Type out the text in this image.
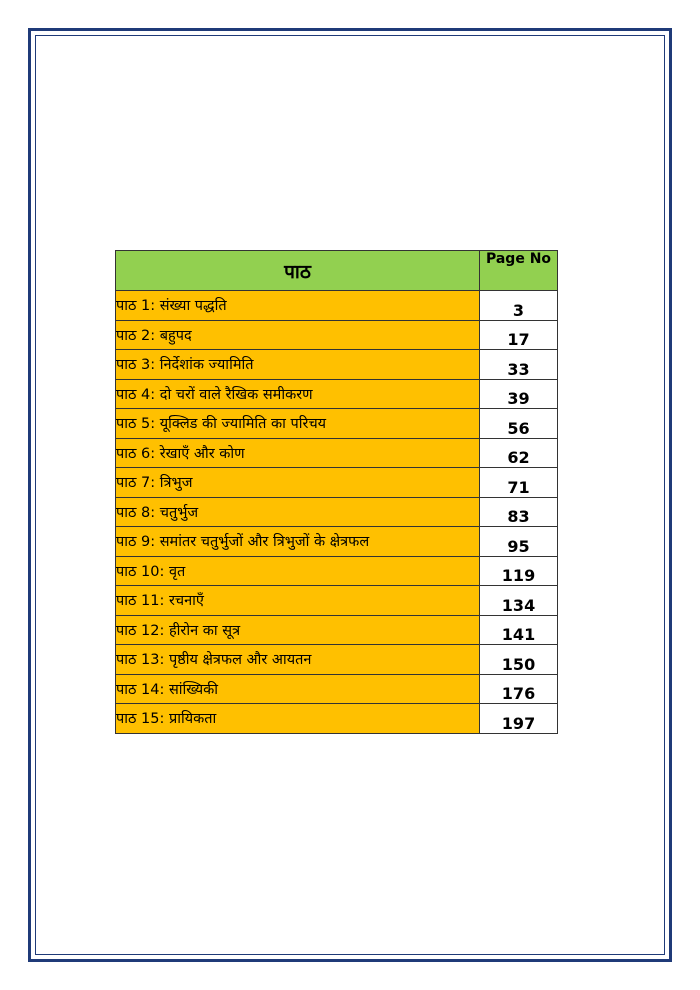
पाठ	Page No
पाठ 1: संख्या पद्धति	3
पाठ 2: बहुपद	17
पाठ 3: निर्देशांक ज्यामिति	33
पाठ 4: दो चरों वाले रैखिक समीकरण	39
पाठ 5: यूक्लिड की ज्यामिति का परिचय	56
पाठ 6: रेखाएँ और कोण	62
पाठ 7: त्रिभुज	71
पाठ 8: चतुर्भुज	83
पाठ 9: समांतर चतुर्भुजों और त्रिभुजों के क्षेत्रफल	95
पाठ 10: वृत	119
पाठ 11: रचनाएँ	134
पाठ 12: हीरोन का सूत्र	141
पाठ 13: पृष्ठीय क्षेत्रफल और आयतन	150
पाठ 14: सांख्यिकी	176
पाठ 15: प्रायिकता	197
